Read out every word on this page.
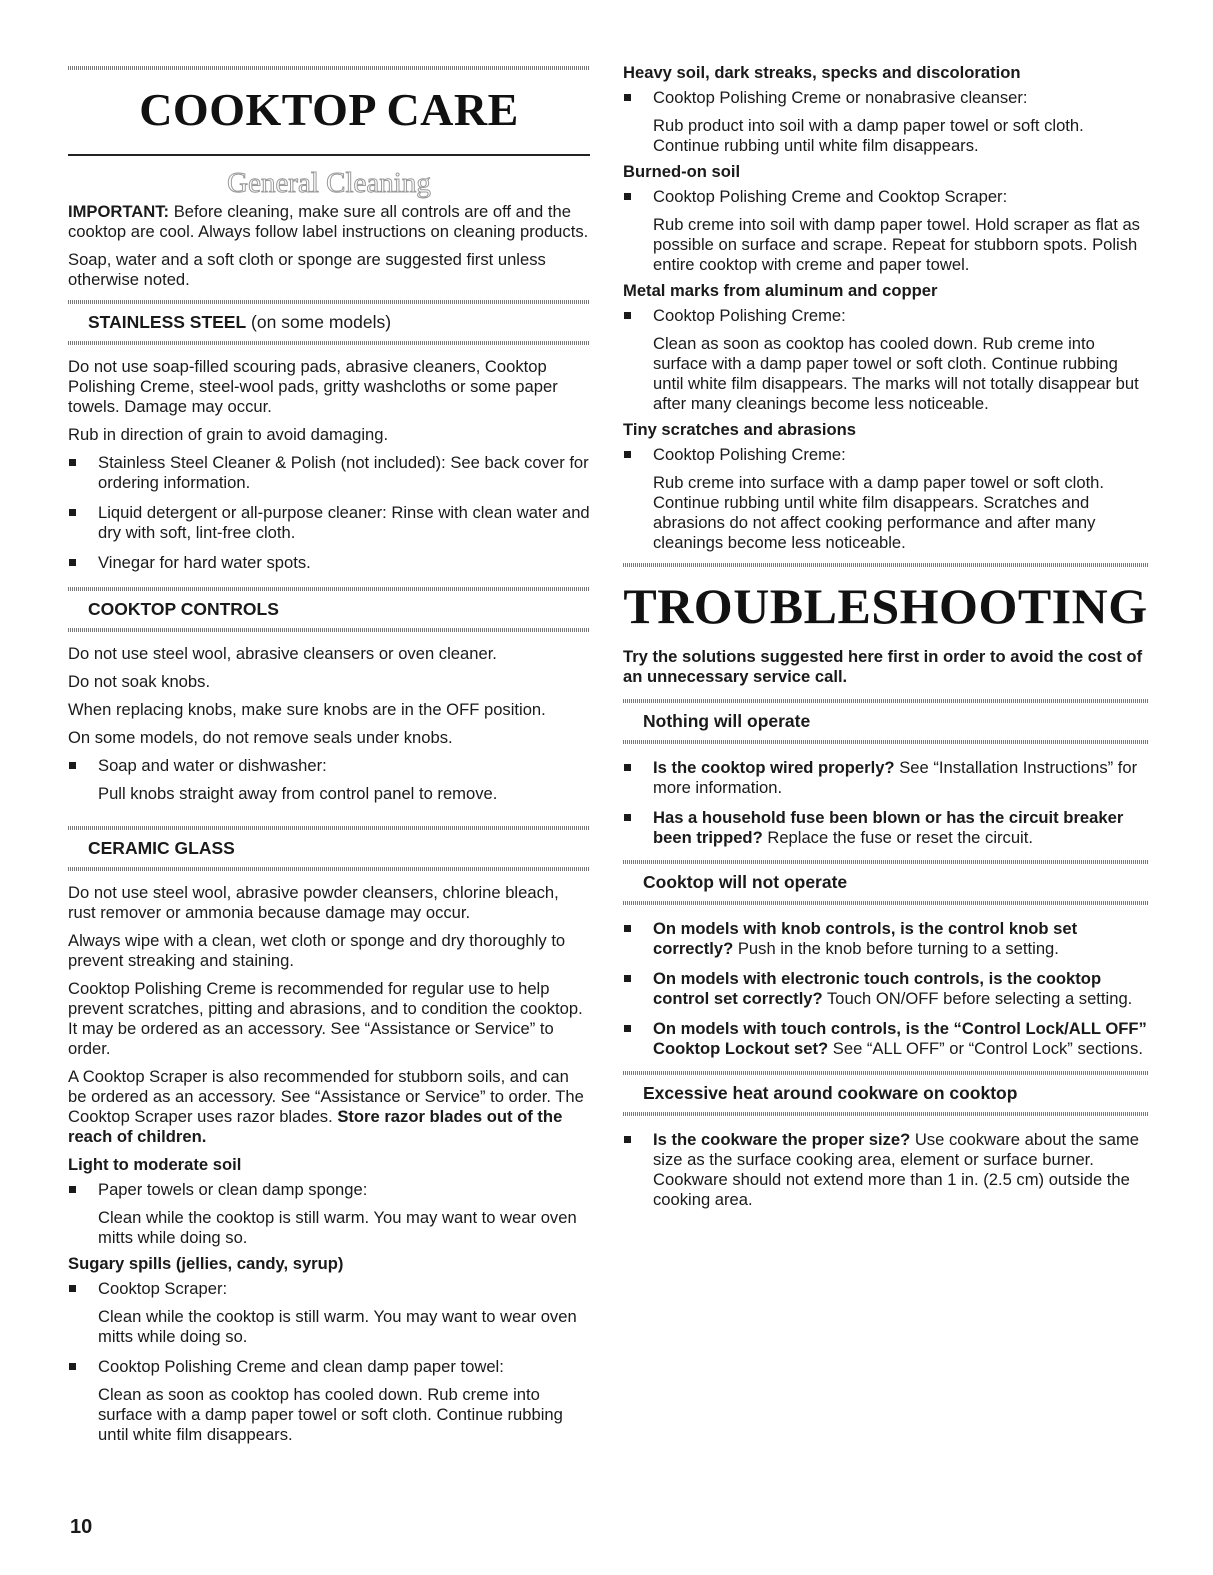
COOKTOP CARE
General Cleaning

IMPORTANT: Before cleaning, make sure all controls are off and the cooktop are cool. Always follow label instructions on cleaning products.

Soap, water and a soft cloth or sponge are suggested first unless otherwise noted.

STAINLESS STEEL (on some models)

Do not use soap-filled scouring pads, abrasive cleaners, Cooktop Polishing Creme, steel-wool pads, gritty washcloths or some paper towels. Damage may occur.

Rub in direction of grain to avoid damaging.

Stainless Steel Cleaner & Polish (not included): See back cover for ordering information.
Liquid detergent or all-purpose cleaner: Rinse with clean water and dry with soft, lint-free cloth.
Vinegar for hard water spots.
COOKTOP CONTROLS

Do not use steel wool, abrasive cleansers or oven cleaner.

Do not soak knobs.

When replacing knobs, make sure knobs are in the OFF position.

On some models, do not remove seals under knobs.

Soap and water or dishwasher:

Pull knobs straight away from control panel to remove.

CERAMIC GLASS

Do not use steel wool, abrasive powder cleansers, chlorine bleach, rust remover or ammonia because damage may occur.

Always wipe with a clean, wet cloth or sponge and dry thoroughly to prevent streaking and staining.

Cooktop Polishing Creme is recommended for regular use to help prevent scratches, pitting and abrasions, and to condition the cooktop. It may be ordered as an accessory. See “Assistance or Service” to order.

A Cooktop Scraper is also recommended for stubborn soils, and can be ordered as an accessory. See “Assistance or Service” to order. The Cooktop Scraper uses razor blades. Store razor blades out of the reach of children.

Light to moderate soil
Paper towels or clean damp sponge:

Clean while the cooktop is still warm. You may want to wear oven mitts while doing so.

Sugary spills (jellies, candy, syrup)
Cooktop Scraper:

Clean while the cooktop is still warm. You may want to wear oven mitts while doing so.

Cooktop Polishing Creme and clean damp paper towel:

Clean as soon as cooktop has cooled down. Rub creme into surface with a damp paper towel or soft cloth. Continue rubbing until white film disappears.

Heavy soil, dark streaks, specks and discoloration
Cooktop Polishing Creme or nonabrasive cleanser:

Rub product into soil with a damp paper towel or soft cloth. Continue rubbing until white film disappears.

Burned-on soil
Cooktop Polishing Creme and Cooktop Scraper:

Rub creme into soil with damp paper towel. Hold scraper as flat as possible on surface and scrape. Repeat for stubborn spots. Polish entire cooktop with creme and paper towel.

Metal marks from aluminum and copper
Cooktop Polishing Creme:

Clean as soon as cooktop has cooled down. Rub creme into surface with a damp paper towel or soft cloth. Continue rubbing until white film disappears. The marks will not totally disappear but after many cleanings become less noticeable.

Tiny scratches and abrasions
Cooktop Polishing Creme:

Rub creme into surface with a damp paper towel or soft cloth. Continue rubbing until white film disappears. Scratches and abrasions do not affect cooking performance and after many cleanings become less noticeable.

TROUBLESHOOTING

Try the solutions suggested here first in order to avoid the cost of an unnecessary service call.

Nothing will operate
Is the cooktop wired properly? See “Installation Instructions” for more information.
Has a household fuse been blown or has the circuit breaker been tripped? Replace the fuse or reset the circuit.
Cooktop will not operate
On models with knob controls, is the control knob set correctly? Push in the knob before turning to a setting.
On models with electronic touch controls, is the cooktop control set correctly? Touch ON/OFF before selecting a setting.
On models with touch controls, is the “Control Lock/ALL OFF” Cooktop Lockout set? See “ALL OFF” or “Control Lock” sections.
Excessive heat around cookware on cooktop
Is the cookware the proper size? Use cookware about the same size as the surface cooking area, element or surface burner. Cookware should not extend more than 1 in. (2.5 cm) outside the cooking area.
10
